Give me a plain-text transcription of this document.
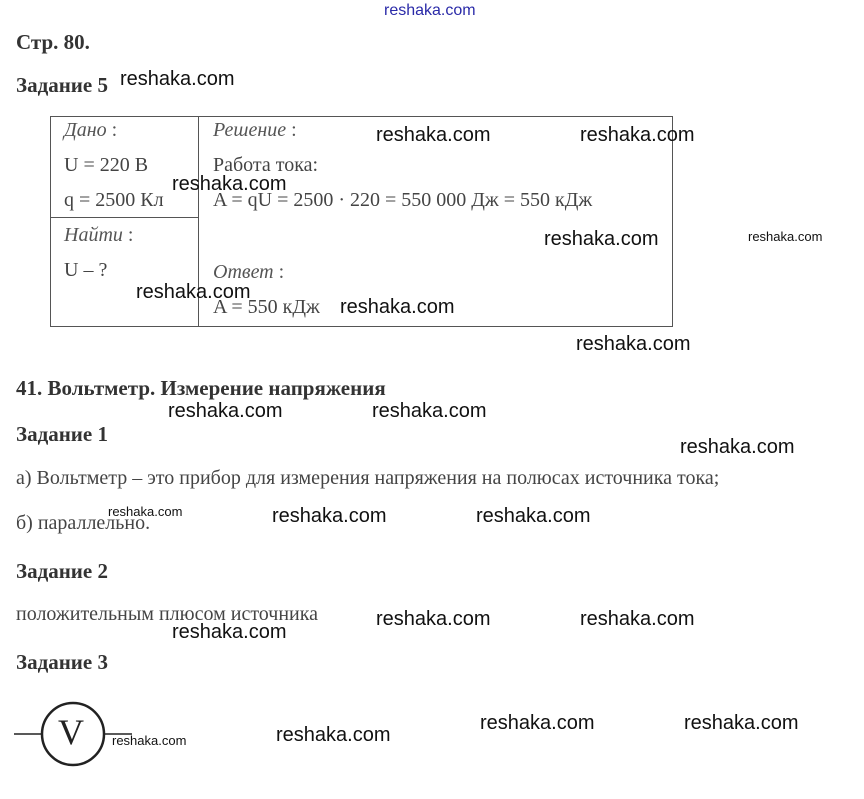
reshaka.com
Стр. 80.
Задание 5
Дано :
U = 220 В
q = 2500 Кл
Найти :
U – ?
Решение :
Работа тока:
A = qU = 2500 · 220 = 550 000 Дж = 550 кДж
Ответ :
A = 550 кДж
41. Вольтметр. Измерение напряжения
Задание 1
а) Вольтметр – это прибор для измерения напряжения на полюсах источника тока;
б) параллельно.
Задание 2
положительным плюсом источника
Задание 3
V
reshaka.com
reshaka.com	reshaka.com
reshaka.com
reshaka.com	reshaka.com
reshaka.com
reshaka.com
reshaka.com
reshaka.com	reshaka.com
reshaka.com
reshaka.com	reshaka.com	reshaka.com
reshaka.com
reshaka.com	reshaka.com
reshaka.com	reshaka.com
reshaka.com
reshaka.com
